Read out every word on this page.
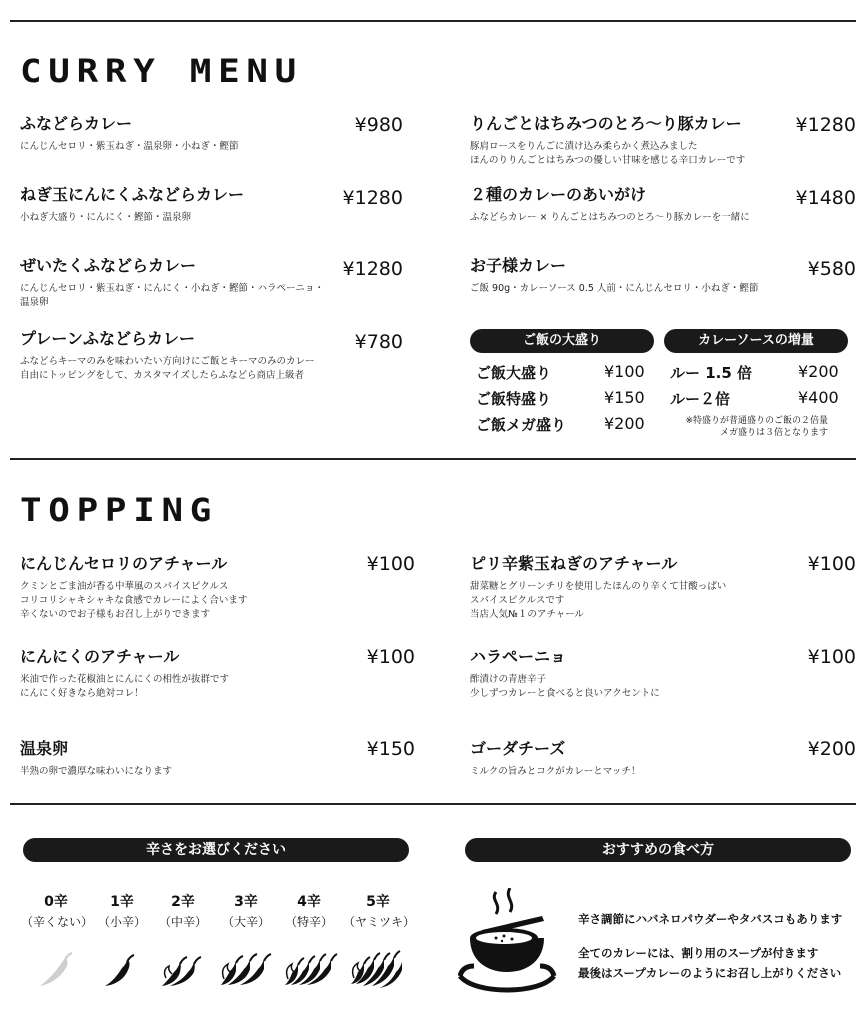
CURRY MENU
ふなどらカレー	¥980
にんじんセロリ・紫玉ねぎ・温泉卵・小ねぎ・鰹節
ねぎ玉にんにくふなどらカレー	¥1280
小ねぎ大盛り・にんにく・鰹節・温泉卵
ぜいたくふなどらカレー	¥1280
にんじんセロリ・紫玉ねぎ・にんにく・小ねぎ・鰹節・ハラペーニョ・
温泉卵
プレーンふなどらカレー	¥780
ふなどらキーマのみを味わいたい方向けにご飯とキーマのみのカレー
自由にトッピングをして、カスタマイズしたらふなどら商店上級者
りんごとはちみつのとろ〜り豚カレー	¥1280
豚肩ロースをりんごに漬け込み柔らかく煮込みました
ほんのりりんごとはちみつの優しい甘味を感じる辛口カレーです
２種のカレーのあいがけ	¥1480
ふなどらカレー × りんごとはちみつのとろ〜り豚カレーを一緒に
お子様カレー	¥580
ご飯 90g・カレーソース 0.5 人前・にんじんセロリ・小ねぎ・鰹節
ご飯の大盛り	カレーソースの増量
ご飯大盛り	¥100
ご飯特盛り	¥150
ご飯メガ盛り ¥200
ルー 1.5 倍	¥200
ルー２倍	¥400
※特盛りが普通盛りのご飯の２倍量
メガ盛りは３倍となります
TOPPING
にんじんセロリのアチャール	¥100
クミンとごま油が香る中華風のスパイスピクルス
コリコリシャキシャキな食感でカレーによく合います
辛くないのでお子様もお召し上がりできます
にんにくのアチャール	¥100
米油で作った花椒油とにんにくの相性が抜群です
にんにく好きなら絶対コレ！
温泉卵	¥150
半熟の卵で濃厚な味わいになります
ピリ辛紫玉ねぎのアチャール	¥100
甜菜糖とグリーンチリを使用したほんのり辛くて甘酸っぱい
スパイスピクルスです
当店人気№１のアチャール
ハラペーニョ	¥100
酢漬けの青唐辛子
少しずつカレーと食べると良いアクセントに
ゴーダチーズ	¥200
ミルクの旨みとコクがカレーとマッチ！
辛さをお選びください
0辛
（辛くない）
1辛
（小辛）
2辛
（中辛）
3辛
（大辛）
4辛
（特辛）
5辛
（ヤミツキ）
おすすめの食べ方
辛さ調節にハバネロパウダーやタバスコもあります
全てのカレーには、割り用のスープが付きます
最後はスープカレーのようにお召し上がりください
